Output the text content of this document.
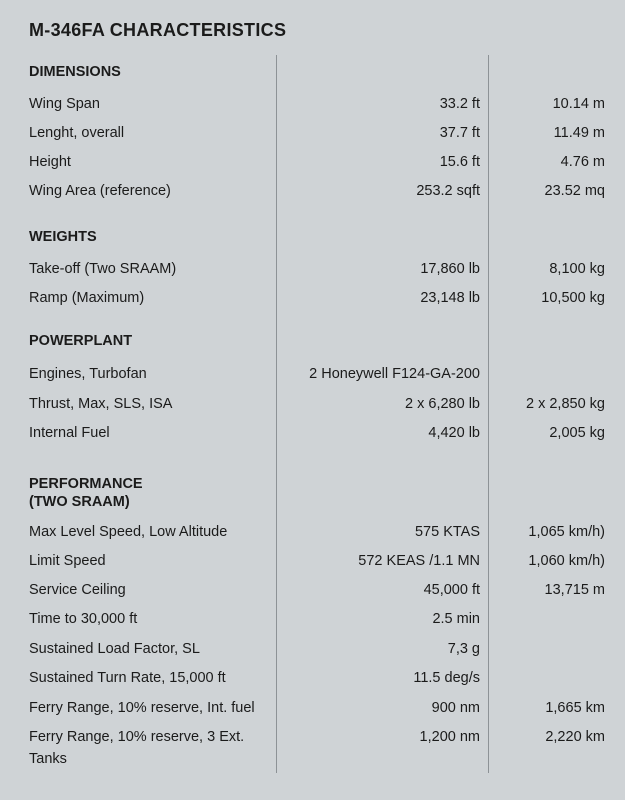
M-346FA CHARACTERISTICS
DIMENSIONS
Wing Span	33.2 ft	10.14 m
Lenght, overall	37.7 ft	11.49 m
Height	15.6 ft	4.76 m
Wing Area (reference)	253.2 sqft	23.52 mq
WEIGHTS
Take-off (Two SRAAM)	17,860 lb	8,100 kg
Ramp (Maximum)	23,148 lb	10,500 kg
POWERPLANT
Engines, Turbofan	2 Honeywell F124-GA-200
Thrust, Max, SLS, ISA	2 x 6,280 lb	2 x 2,850 kg
Internal Fuel	4,420 lb	2,005 kg
PERFORMANCE
(TWO SRAAM)
Max Level Speed, Low Altitude	575 KTAS	1,065 km/h)
Limit Speed	572 KEAS /1.1 MN	1,060 km/h)
Service Ceiling	45,000 ft	13,715 m
Time to 30,000 ft	2.5 min
Sustained Load Factor, SL	7,3 g
Sustained Turn Rate, 15,000 ft	11.5 deg/s
Ferry Range, 10% reserve, Int. fuel	900 nm	1,665 km
Ferry Range, 10% reserve, 3 Ext.	1,200 nm	2,220 km
Tanks
